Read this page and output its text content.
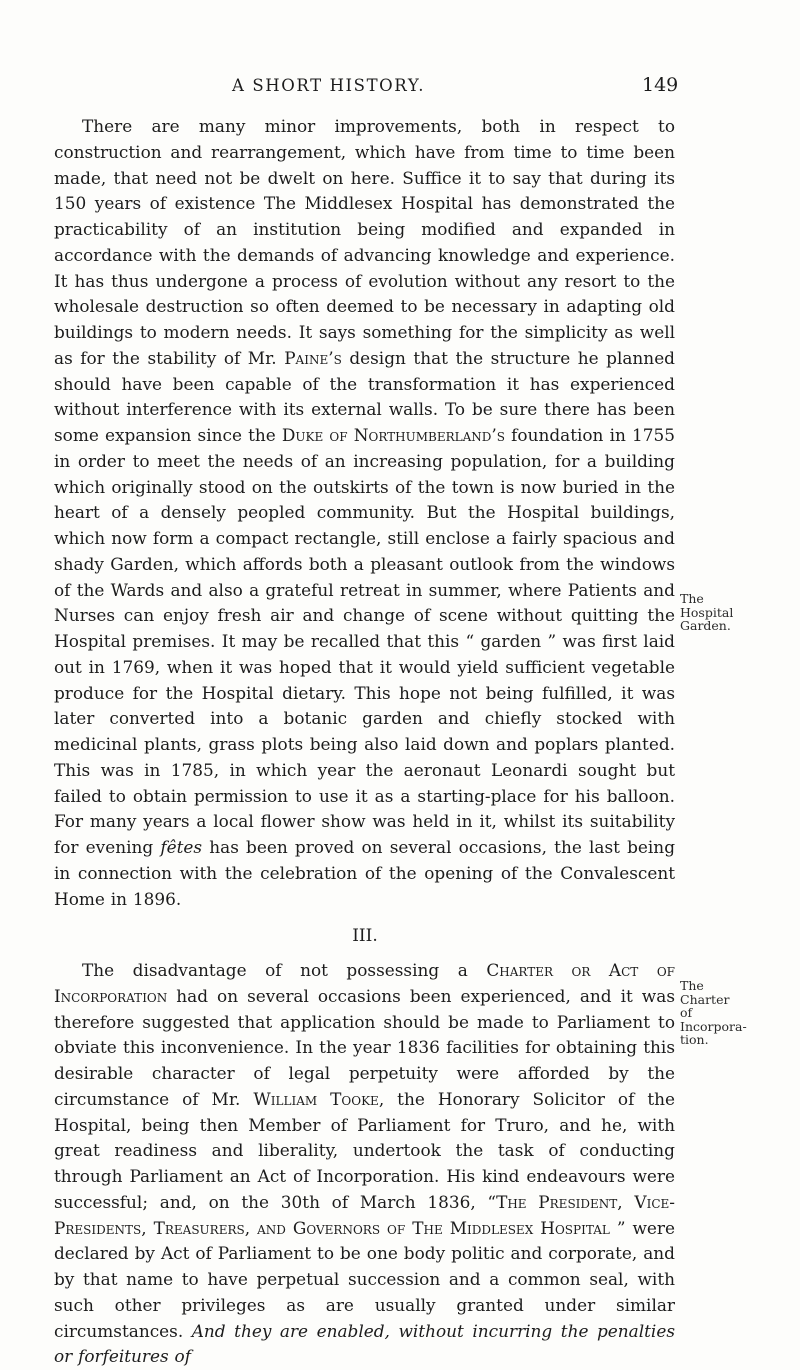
A SHORT HISTORY.	149

There are many minor improvements, both in respect to construction and rearrangement, which have from time to time been made, that need not be dwelt on here. Suffice it to say that during its 150 years of existence The Middlesex Hospital has demonstrated the practicability of an institution being modified and expanded in accordance with the demands of advancing knowledge and experience. It has thus undergone a process of evolution without any resort to the wholesale destruction so often deemed to be necessary in adapting old buildings to modern needs. It says something for the simplicity as well as for the stability of Mr. Paine’s design that the structure he planned should have been capable of the transformation it has experienced without interference with its external walls. To be sure there has been some expansion since the Duke of Northumberland’s foundation in 1755 in order to meet the needs of an increasing population, for a building which originally stood on the outskirts of the town is now buried in the heart of a densely peopled community. But the Hospital buildings, which now form a compact rectangle, still enclose a fairly spacious and shady Garden, which affords both a pleasant outlook from the windows of the Wards and also a grateful retreat in summer, where Patients and Nurses can enjoy fresh air and change of scene without quitting the Hospital premises. It may be recalled that this “ garden ” was first laid out in 1769, when it was hoped that it would yield sufficient vegetable produce for the Hospital dietary. This hope not being fulfilled, it was later converted into a botanic garden and chiefly stocked with medicinal plants, grass plots being also laid down and poplars planted. This was in 1785, in which year the aeronaut Leonardi sought but failed to obtain permission to use it as a starting-place for his balloon. For many years a local flower show was held in it, whilst its suitability for evening fêtes has been proved on several occasions, the last being in connection with the celebration of the opening of the Convalescent Home in 1896.

The Hospital Garden.
III.

The disadvantage of not possessing a Charter or Act of Incorporation had on several occasions been experienced, and it was therefore suggested that application should be made to Parliament to obviate this inconvenience. In the year 1836 facilities for obtaining this desirable character of legal perpetuity were afforded by the circumstance of Mr. William Tooke, the Honorary Solicitor of the Hospital, being then Member of Parliament for Truro, and he, with great readiness and liberality, undertook the task of conducting through Parliament an Act of Incorporation. His kind endeavours were successful; and, on the 30th of March 1836, “The President, Vice-Presidents, Treasurers, and Governors of The Middlesex Hospital ” were declared by Act of Parliament to be one body politic and corporate, and by that name to have perpetual succession and a common seal, with such other privileges as are usually granted under similar circumstances. And they are enabled, without incurring the penalties or forfeitures of

The Charter of Incorpora-tion.
